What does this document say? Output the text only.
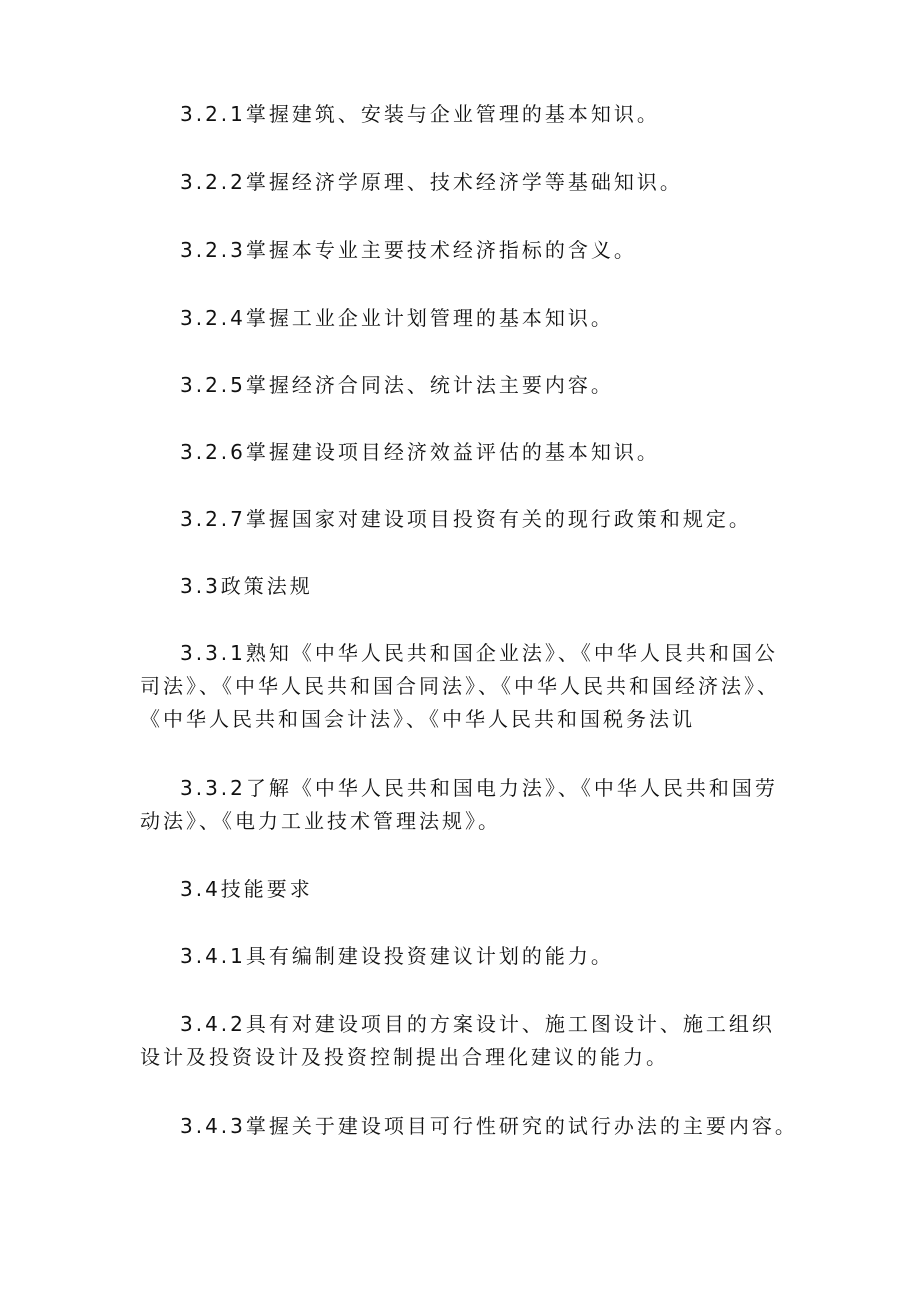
3.2.1掌握建筑、安装与企业管理的基本知识。

3.2.2掌握经济学原理、技术经济学等基础知识。

3.2.3掌握本专业主要技术经济指标的含义。

3.2.4掌握工业企业计划管理的基本知识。

3.2.5掌握经济合同法、统计法主要内容。

3.2.6掌握建设项目经济效益评估的基本知识。

3.2.7掌握国家对建设项目投资有关的现行政策和规定。

3.3政策法规

3.3.1熟知《中华人民共和国企业法》、《中华人艮共和国公司法》、《中华人民共和国合同法》、《中华人民共和国经济法》、《中华人民共和国会计法》、《中华人民共和国税务法讥

3.3.2了解《中华人民共和国电力法》、《中华人民共和国劳动法》、《电力工业技术管理法规》。

3.4技能要求

3.4.1具有编制建设投资建议计划的能力。

3.4.2具有对建设项目的方案设计、施工图设计、施工组织设计及投资设计及投资控制提出合理化建议的能力。

3.4.3掌握关于建设项目可行性研究的试行办法的主要内容。
